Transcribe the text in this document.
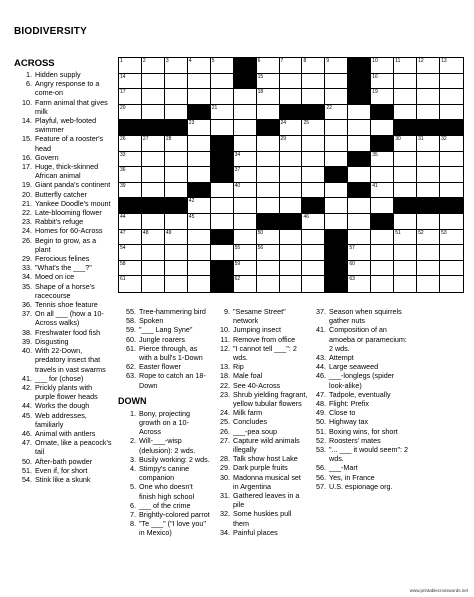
BIODIVERSITY
ACROSS
1. Hidden supply
6. Angry response to a come-on
10. Farm animal that gives milk
14. Playful, web-footed swimmer
15. Feature of a rooster's head
16. Govern
17. Huge, thick-skinned African animal
19. Giant panda's continent
20. Butterfly catcher
21. Yankee Doodle's mount
22. Late-blooming flower
23. Rabbit's refuge
24. Homes for 60-Across
26. Begin to grow, as a plant
29. Ferocious felines
33. "What's the ___?"
34. Moed on ice
35. Shape of a horse's racecourse
36. Tennis shoe feature
37. On all ___ (how a 10-Across walks)
38. Freshwater food fish
39. Disgusting
40. With 22-Down, predatory insect that travels in vast swarms
41. ___ for (chose)
42. Prickly plants with purple flower heads
44. Works the dough
45. Web addresses, familiarly
46. Animal with antlers
47. Ornate, like a peacock's tail
50. After-bath powder
51. Even if, for short
54. Stink like a skunk
55. Tree-hammering bird
58. Spoken
59. "___ Lang Syne"
60. Jungle roarers
61. Pierce through, as with a bull's 1-Down
62. Easter flower
63. Rope to catch an 18-Down
DOWN
1. Bony, projecting growth on a 10-Across
2. Will-___-wisp (delusion): 2 wds.
3. Busily working: 2 wds.
4. Stimpy's canine companion
5. One who doesn't finish high school
6. ___ of the crime
7. Brightly-colored parrot
8. "Te ___" ("I love you" in Mexico)
9. "Sesame Street" network
10. Jumping insect
11. Remove from office
12. "I cannot tell ___": 2 wds.
13. Rip
18. Male foal
22. See 40-Across
23. Shrub yielding fragrant, yellow tubular flowers
24. Milk farm
25. Concludes
26. ___-pea soup
27. Capture wild animals illegally
28. Talk show host Lake
29. Dark purple fruits
30. Madonna musical set in Argentina
31. Gathered leaves in a pile
32. Some huskies pull them
34. Painful places
37. Season when squirrels gather nuts
41. Composition of an amoeba or paramecium: 2 wds.
43. Attempt
44. Large seaweed
46. ___-longlegs (spider look-alike)
47. Tadpole, eventually
48. Flight: Prefix
49. Close to
50. Highway tax
51. Boxing wins, for short
52. Roosters' mates
53. "... ___ it would seem": 2 wds.
56. ___-Mart
56. Yes, in France
57. U.S. espionage org.
1	2	3	4	5	6	7	8	9	10	11	12	13
14	15	16
17	18	19
20	21	22
23	24	25
26	27	28	29	30	31	32
33	34	35
36	37
39	40	41
42
44	45	46
47	48	49	50	51	52	53
54	55	56	57
58	59	60
61	62	63
www.printablecrosswords.net
